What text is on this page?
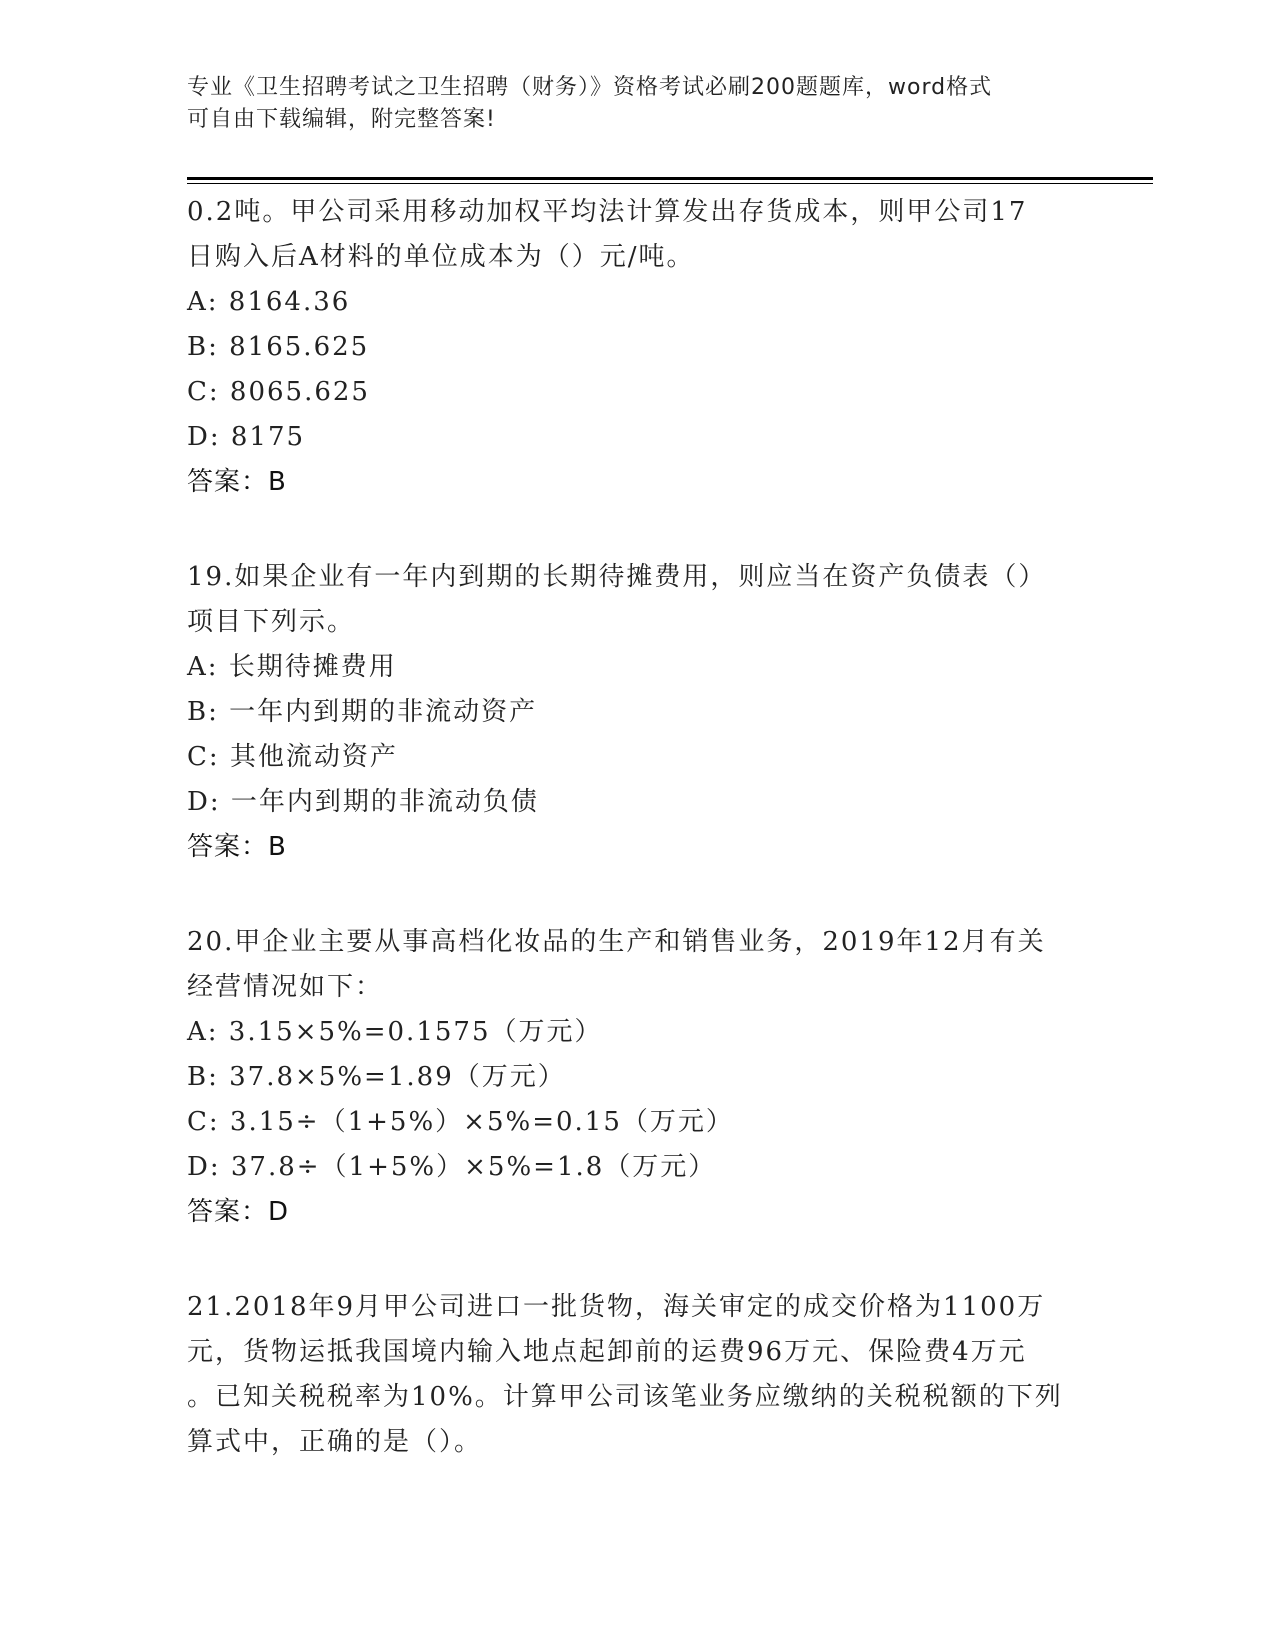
专业《卫生招聘考试之卫生招聘（财务）》资格考试必刷200题题库，word格式
可自由下载编辑，附完整答案!
0.2吨。甲公司采用移动加权平均法计算发出存货成本，则甲公司17
日购入后A材料的单位成本为（）元/吨。
A: 8164.36
B: 8165.625
C: 8065.625
D: 8175
答案：B
19.如果企业有一年内到期的长期待摊费用，则应当在资产负债表（）
项目下列示。
A: 长期待摊费用
B: 一年内到期的非流动资产
C: 其他流动资产
D: 一年内到期的非流动负债
答案：B
20.甲企业主要从事高档化妆品的生产和销售业务，2019年12月有关
经营情况如下：
A: 3.15×5%=0.1575（万元）
B: 37.8×5%=1.89（万元）
C: 3.15÷（1+5%）×5%=0.15（万元）
D: 37.8÷（1+5%）×5%=1.8（万元）
答案：D
21.2018年9月甲公司进口一批货物，海关审定的成交价格为1100万
元，货物运抵我国境内输入地点起卸前的运费96万元、保险费4万元
。已知关税税率为10%。计算甲公司该笔业务应缴纳的关税税额的下列
算式中，正确的是（）。
